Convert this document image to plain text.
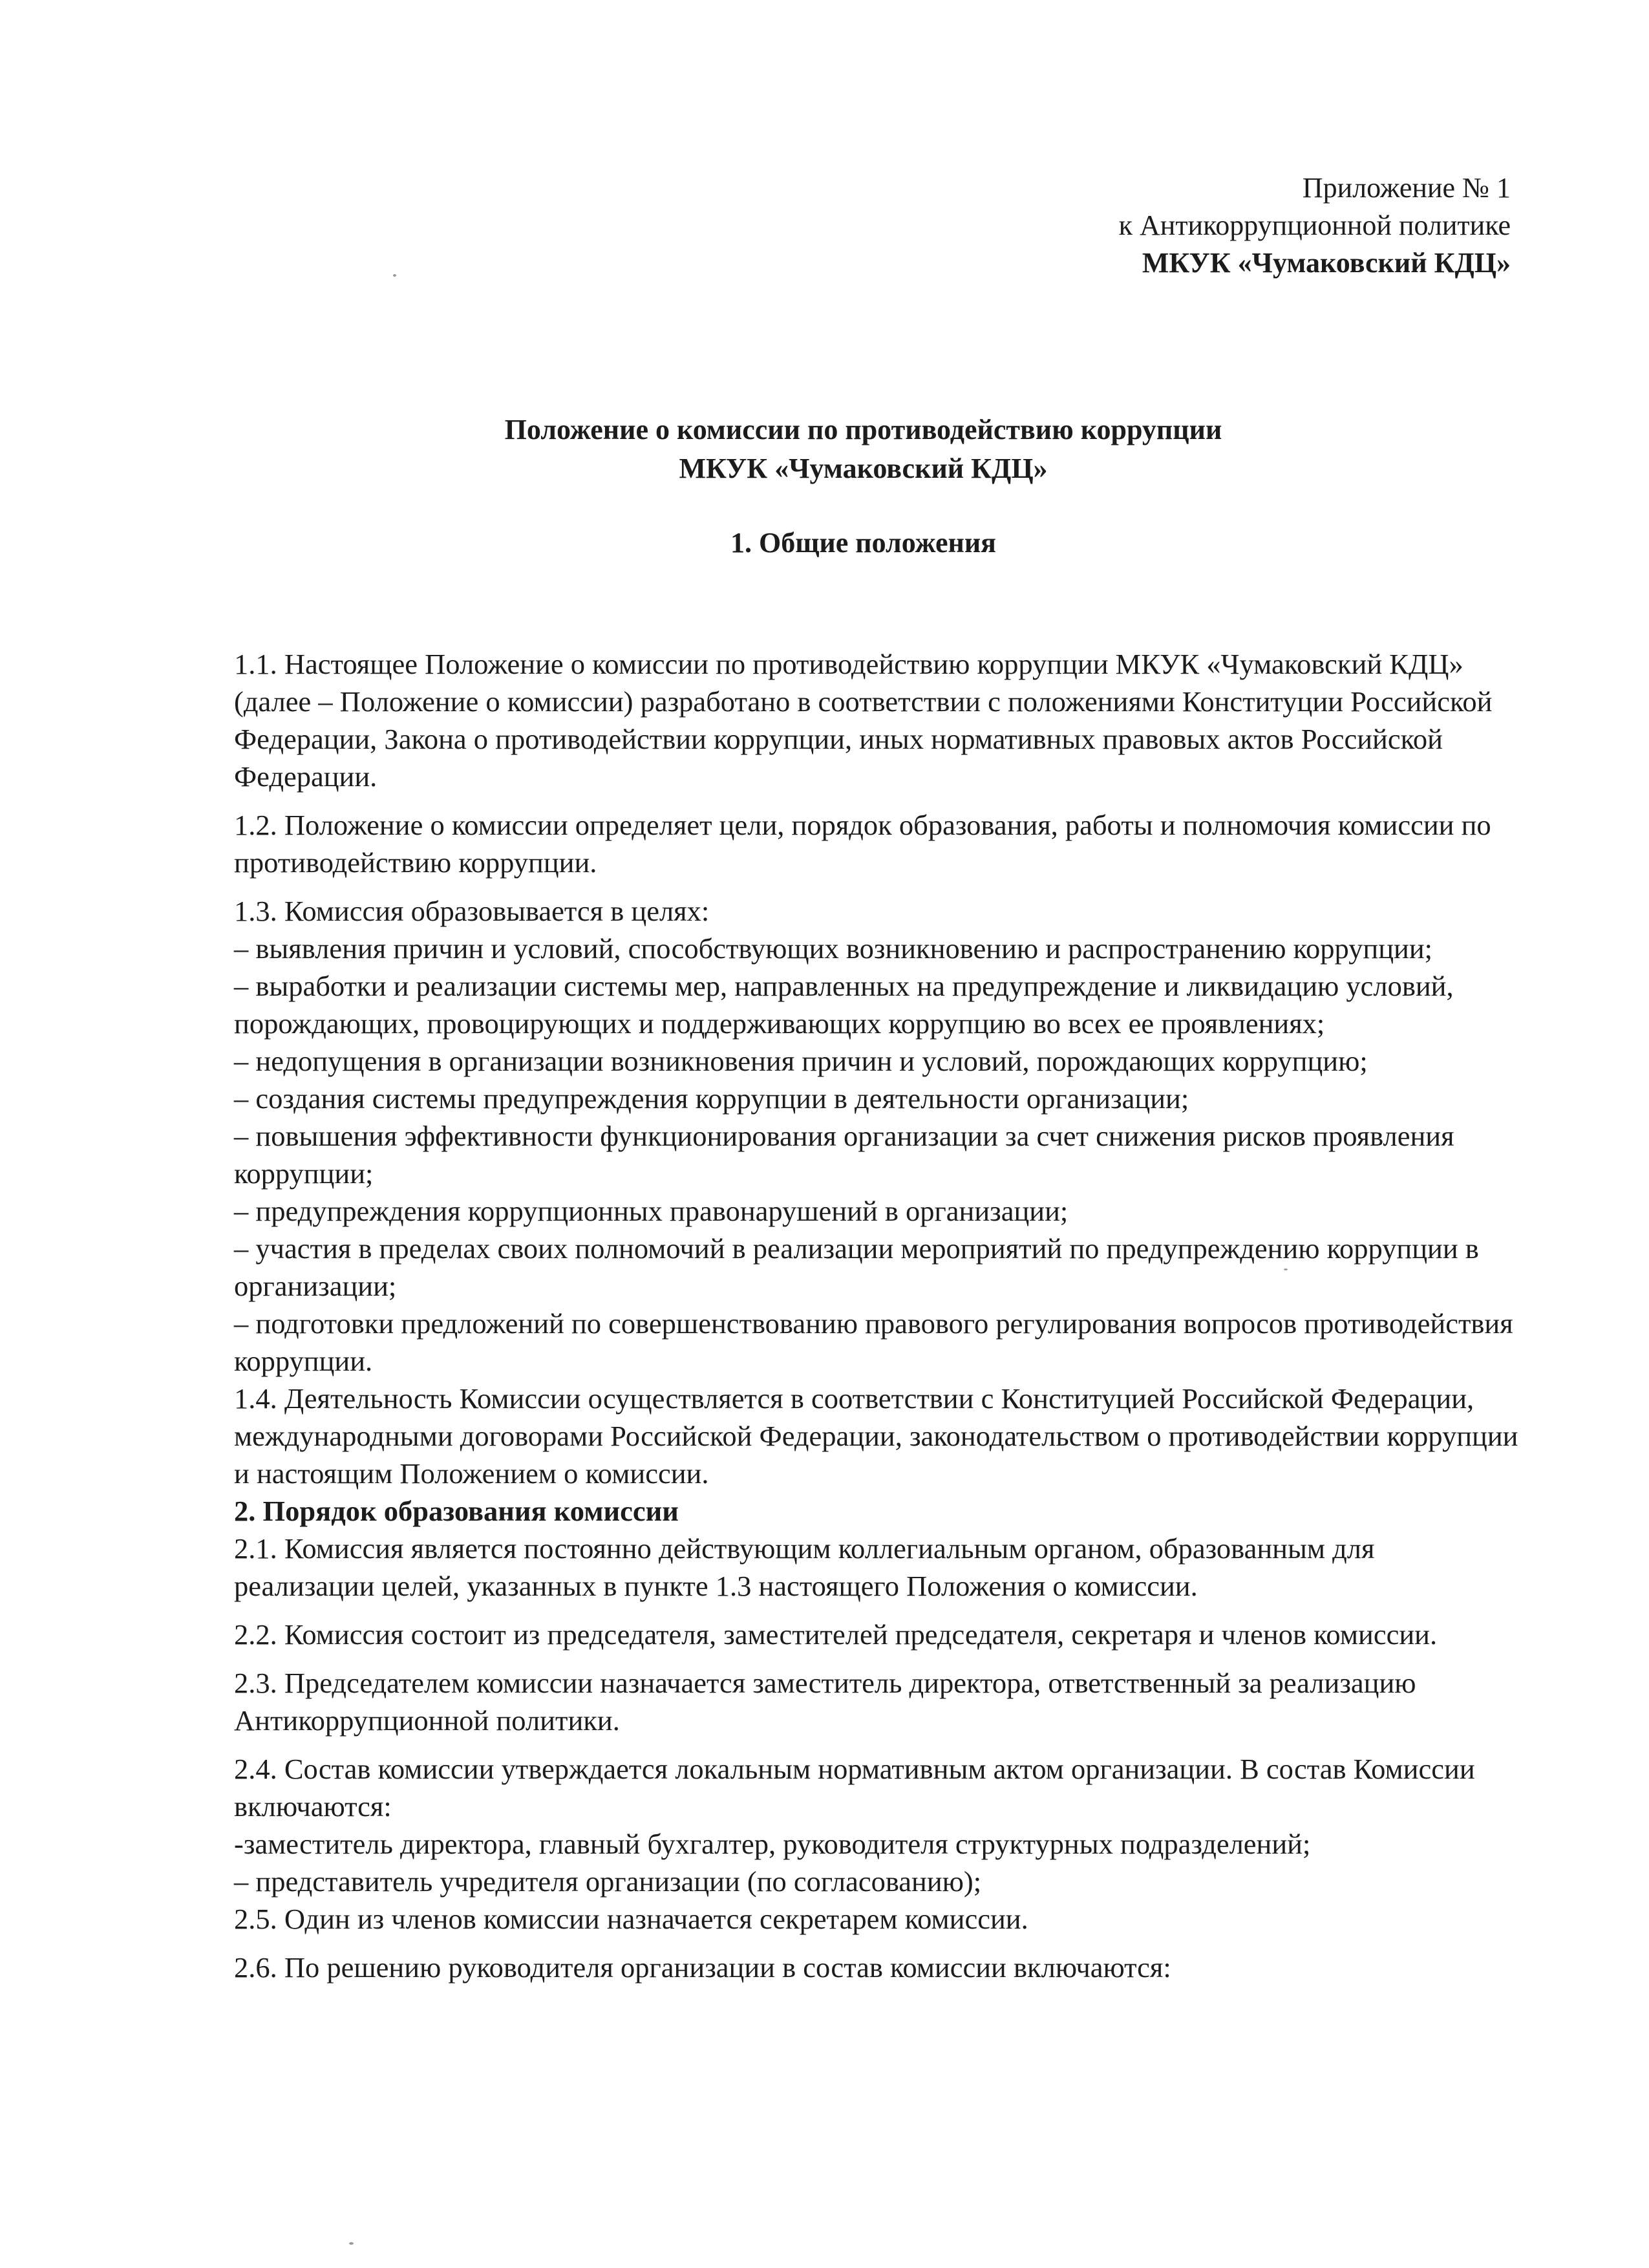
Приложение № 1
к Антикоррупционной политике
МКУК «Чумаковский КДЦ»
Положение о комиссии по противодействию коррупции
МКУК «Чумаковский КДЦ»
1. Общие положения

1.1. Настоящее Положение о комиссии по противодействию коррупции МКУК «Чумаковский КДЦ» (далее – Положение о комиссии) разработано в соответствии с положениями Конституции Российской Федерации, Закона о противодействии коррупции, иных нормативных правовых актов Российской Федерации.

1.2. Положение о комиссии определяет цели, порядок образования, работы и полномочия комиссии по противодействию коррупции.

1.3. Комиссия образовывается в целях:

– выявления причин и условий, способствующих возникновению и распространению коррупции;

– выработки и реализации системы мер, направленных на предупреждение и ликвидацию условий, порождающих, провоцирующих и поддерживающих коррупцию во всех ее проявлениях;

– недопущения в организации возникновения причин и условий, порождающих коррупцию;

– создания системы предупреждения коррупции в деятельности организации;

– повышения эффективности функционирования организации за счет снижения рисков проявления коррупции;

– предупреждения коррупционных правонарушений в организации;

– участия в пределах своих полномочий в реализации мероприятий по предупреждению коррупции в организации;

– подготовки предложений по совершенствованию правового регулирования вопросов противодействия коррупции.

1.4. Деятельность Комиссии осуществляется в соответствии с Конституцией Российской Федерации, международными договорами Российской Федерации, законодательством о противодействии коррупции и настоящим Положением о комиссии.

2. Порядок образования комиссии

2.1. Комиссия является постоянно действующим коллегиальным органом, образованным для реализации целей, указанных в пункте 1.3 настоящего Положения о комиссии.

2.2. Комиссия состоит из председателя, заместителей председателя, секретаря и членов комиссии.

2.3. Председателем комиссии назначается заместитель директора, ответственный за реализацию Антикоррупционной политики.

2.4. Состав комиссии утверждается локальным нормативным актом организации. В состав Комиссии включаются:

-заместитель директора, главный бухгалтер, руководителя структурных подразделений;

– представитель учредителя организации (по согласованию);

2.5. Один из членов комиссии назначается секретарем комиссии.

2.6. По решению руководителя организации в состав комиссии включаются:
